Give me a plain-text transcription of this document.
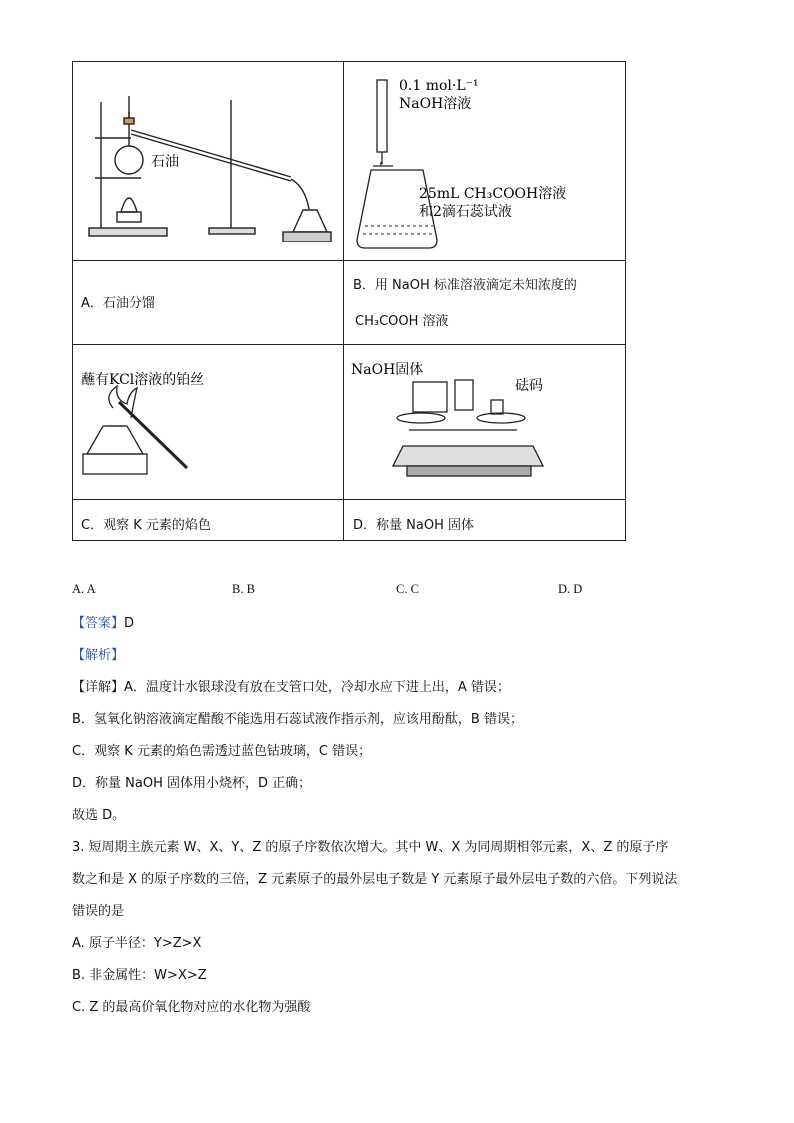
石油
0.1 mol·L⁻¹
NaOH溶液
25mL CH₃COOH溶液
和2滴石蕊试液
A．石油分馏
B．用 NaOH 标准溶液滴定未知浓度的
CH₃COOH 溶液
蘸有KCl溶液的铂丝
NaOH固体
砝码
C．观察 K 元素的焰色	D．称量 NaOH 固体
A. A	B. B	C. C	D. D
【答案】D
【解析】
【详解】A．温度计水银球没有放在支管口处，冷却水应下进上出，A 错误；
B．氢氧化钠溶液滴定醋酸不能选用石蕊试液作指示剂，应该用酚酞，B 错误；
C．观察 K 元素的焰色需透过蓝色钴玻璃，C 错误；
D．称量 NaOH 固体用小烧杯，D 正确；
故选 D。
3. 短周期主族元素 W、X、Y、Z 的原子序数依次增大。其中 W、X 为同周期相邻元素，X、Z 的原子序
数之和是 X 的原子序数的三倍，Z 元素原子的最外层电子数是 Y 元素原子最外层电子数的六倍。下列说法
错误的是
A. 原子半径：Y>Z>X
B. 非金属性：W>X>Z
C. Z 的最高价氧化物对应的水化物为强酸
